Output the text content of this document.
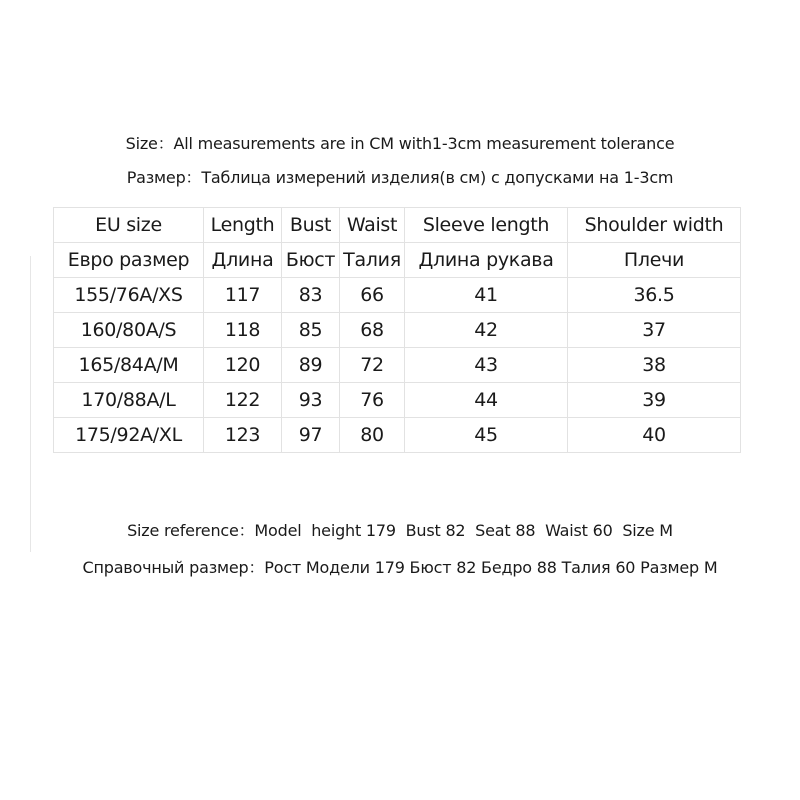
Size：All measurements are in CM with1-3cm measurement tolerance
Размер：Таблица измерений изделия(в см) с допусками на 1-3cm
EU size	Length	Bust	Waist	Sleeve length	Shoulder width
Евро размер	Длина	Бюст	Талия	Длина рукава	Плечи
155/76A/XS	117	83	66	41	36.5
160/80A/S	118	85	68	42	37
165/84A/M	120	89	72	43	38
170/88A/L	122	93	76	44	39
175/92A/XL	123	97	80	45	40
Size reference：Model  height 179  Bust 82  Seat 88  Waist 60  Size M
Справочный размер：Рост Модели 179 Бюст 82 Бедро 88 Талия 60 Размер M
